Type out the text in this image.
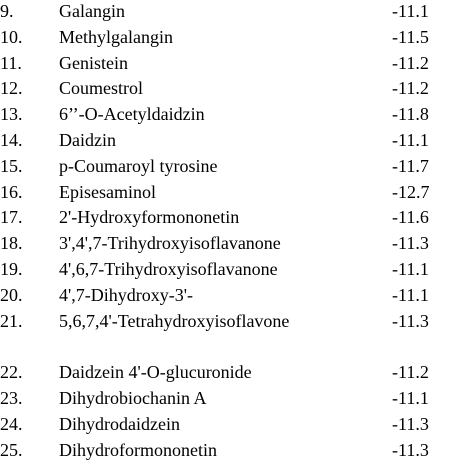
9.	Galangin	-11.1
10. Methylgalangin	-11.5
11. Genistein	-11.2
12. Coumestrol	-11.2
13. 6’’-O-Acetyldaidzin	-11.8
14. Daidzin	-11.1
15. p-Coumaroyl tyrosine	-11.7
16. Episesaminol	-12.7
17. 2'-Hydroxyformononetin	-11.6
18. 3',4',7-Trihydroxyisoflavanone	-11.3
19. 4',6,7-Trihydroxyisoflavanone	-11.1
20. 4',7-Dihydroxy-3'-	-11.1
21. 5,6,7,4'-Tetrahydroxyisoflavone	-11.3
22. Daidzein 4'-O-glucuronide	-11.2
23. Dihydrobiochanin A	-11.1
24. Dihydrodaidzein	-11.3
25. Dihydroformononetin	-11.3
